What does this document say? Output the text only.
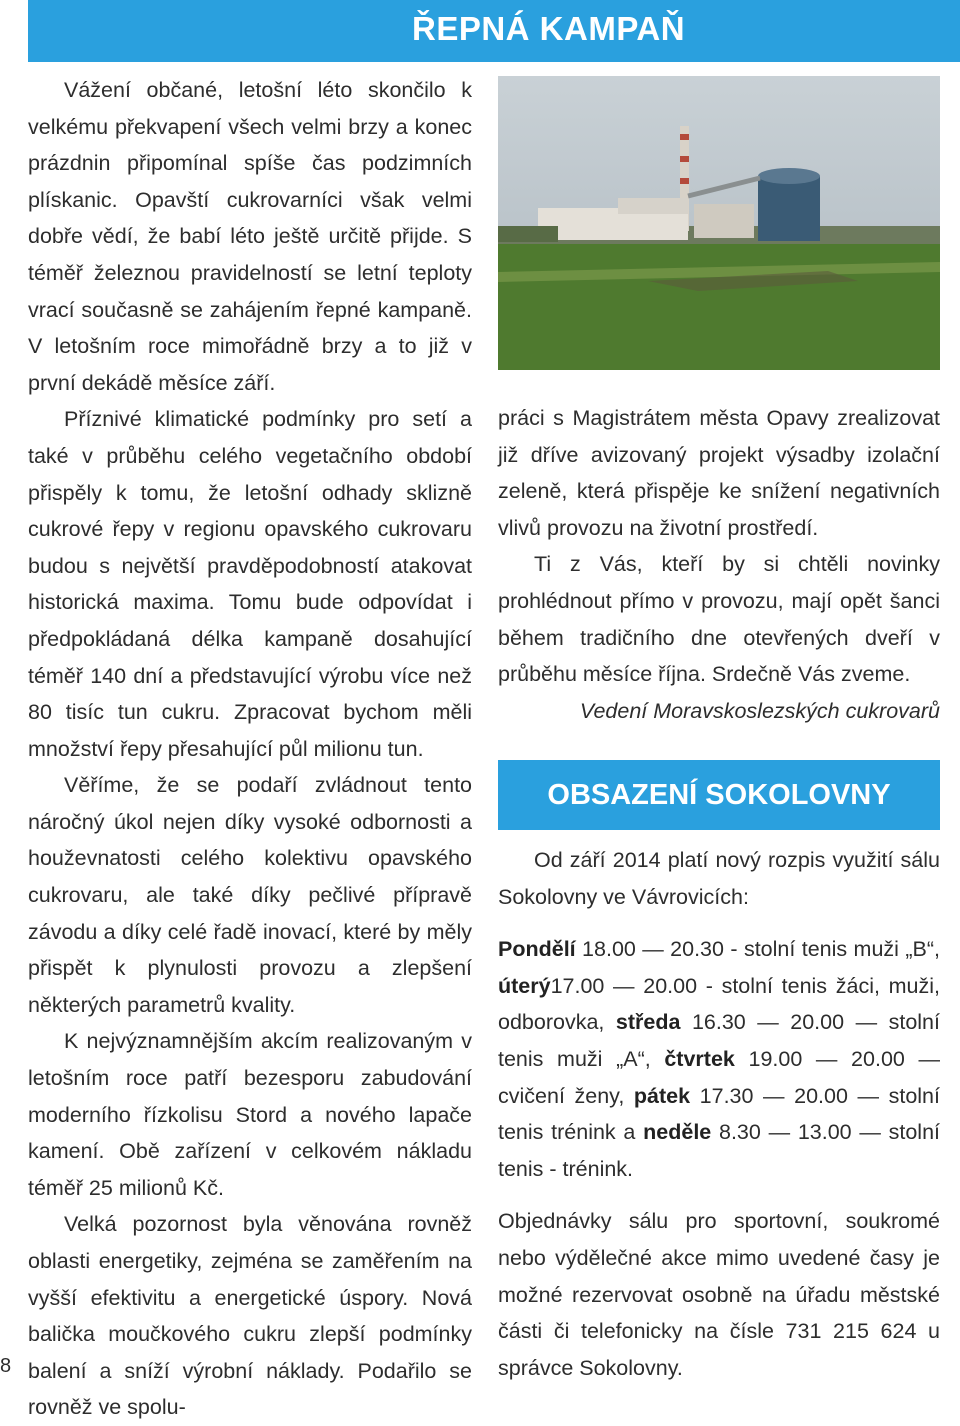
ŘEPNÁ KAMPAŇ

Vážení občané, letošní léto skončilo k velkému překvapení všech velmi brzy a konec prázdnin připomínal spíše čas podzimních plískanic. Opavští cukrovarníci však velmi dobře vědí, že babí léto ještě určitě přijde. S téměř železnou pravidelností se letní teploty vrací současně se zahájením řepné kampaně. V letošním roce mimořádně brzy a to již v první dekádě měsíce září.

Příznivé klimatické podmínky pro setí a také v průběhu celého vegetačního období přispěly k tomu, že letošní odhady sklizně cukrové řepy v regionu opavského cukrovaru budou s největší pravděpodobností atakovat historická maxima. Tomu bude odpovídat i předpokládaná délka kampaně dosahující téměř 140 dní a představující výrobu více než 80 tisíc tun cukru. Zpracovat bychom měli množství řepy přesahující půl milionu tun.

Věříme, že se podaří zvládnout tento náročný úkol nejen díky vysoké odbornosti a houževnatosti celého kolektivu opavského cukrovaru, ale také díky pečlivé přípravě závodu a díky celé řadě inovací, které by měly přispět k plynulosti provozu a zlepšení některých parametrů kvality.

K nejvýznamnějším akcím realizovaným v letošním roce patří bezesporu zabudování moderního řízkolisu Stord a nového lapače kamení. Obě zařízení v celkovém nákladu téměř 25 milionů Kč.

Velká pozornost byla věnována rovněž oblasti energetiky, zejména se zaměřením na vyšší efektivitu a energetické úspory. Nová balička moučkového cukru zlepší podmínky balení a sníží výrobní náklady. Podařilo se rovněž ve spolu-

práci s Magistrátem města Opavy zrealizovat již dříve avizovaný projekt výsadby izolační zeleně, která přispěje ke snížení negativních vlivů provozu na životní prostředí.

Ti z Vás, kteří by si chtěli novinky prohlédnout přímo v provozu, mají opět šanci během tradičního dne otevřených dveří v průběhu měsíce října. Srdečně Vás zveme.

Vedení Moravskoslezských cukrovarů

OBSAZENÍ SOKOLOVNY

Od září 2014 platí nový rozpis využití sálu Sokolovny ve Vávrovicích:

Pondělí 18.00 — 20.30 - stolní tenis muži „B“, úterý17.00 — 20.00 - stolní tenis žáci, muži, odborovka, středa 16.30 — 20.00 — stolní tenis muži „A“, čtvrtek 19.00 — 20.00 — cvičení ženy, pátek 17.30 — 20.00 — stolní tenis trénink a neděle 8.30 — 13.00 — stolní tenis - trénink.

Objednávky sálu pro sportovní, soukromé nebo výdělečné akce mimo uvedené časy je možné rezervovat osobně na úřadu městské části či telefonicky na čísle 731 215 624 u správce Sokolovny.

8
